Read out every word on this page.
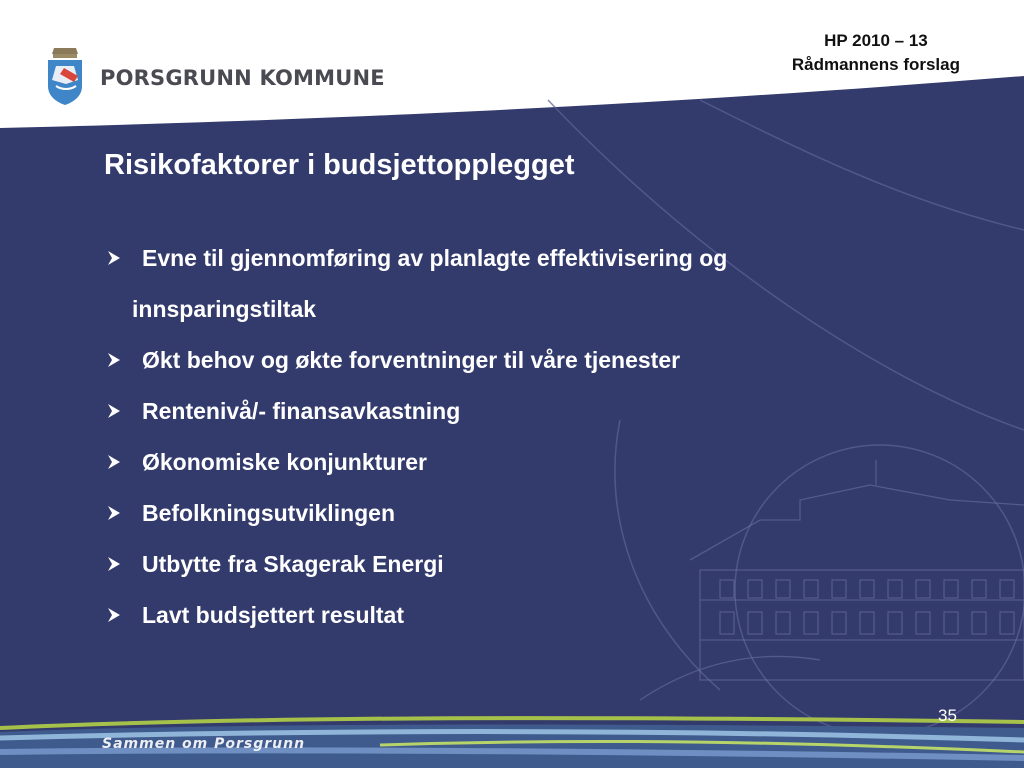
PORSGRUNN KOMMUNE
HP 2010 – 13
Rådmannens forslag
Risikofaktorer i budsjettopplegget
Evne til gjennomføring av planlagte effektivisering og
innsparingstiltak
Økt behov og økte forventninger til våre tjenester
Rentenivå/- finansavkastning
Økonomiske konjunkturer
Befolkningsutviklingen
Utbytte fra Skagerak Energi
Lavt budsjettert resultat
35
Sammen om Porsgrunn
